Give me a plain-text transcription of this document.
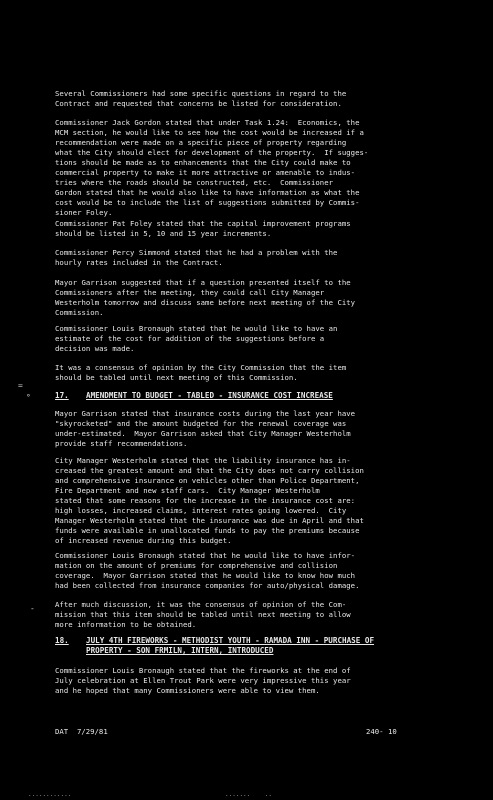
Several Commissioners had some specific questions in regard to the
Contract and requested that concerns be listed for consideration.
Commissioner Jack Gordon stated that under Task 1.24:  Economics, the
MCM section, he would like to see how the cost would be increased if a
recommendation were made on a specific piece of property regarding
what the City should elect for development of the property.  If sugges-
tions should be made as to enhancements that the City could make to
commercial property to make it more attractive or amenable to indus-
tries where the roads should be constructed, etc.  Commissioner
Gordon stated that he would also like to have information as what the
cost would be to include the list of suggestions submitted by Commis-
sioner Foley.
Commissioner Pat Foley stated that the capital improvement programs
should be listed in 5, 10 and 15 year increments.
Commissioner Percy Simmond stated that he had a problem with the
hourly rates included in the Contract.
Mayor Garrison suggested that if a question presented itself to the
Commissioners after the meeting, they could call City Manager
Westerholm tomorrow and discuss same before next meeting of the City
Commission.
Commissioner Louis Bronaugh stated that he would like to have an
estimate of the cost for addition of the suggestions before a
decision was made.
It was a consensus of opinion by the City Commission that the item
should be tabled until next meeting of this Commission.
=
°	17. AMENDMENT TO BUDGET - TABLED - INSURANCE COST INCREASE
Mayor Garrison stated that insurance costs during the last year have
"skyrocketed" and the amount budgeted for the renewal coverage was
under-estimated.  Mayor Garrison asked that City Manager Westerholm
provide staff recommendations.
City Manager Westerholm stated that the liability insurance has in-
creased the greatest amount and that the City does not carry collision
and comprehensive insurance on vehicles other than Police Department,
Fire Department and new staff cars.  City Manager Westerholm
stated that some reasons for the increase in the insurance cost are:
high losses, increased claims, interest rates going lowered.  City
Manager Westerholm stated that the insurance was due in April and that
funds were available in unallocated funds to pay the premiums because
of increased revenue during this budget.
Commissioner Louis Bronaugh stated that he would like to have infor-
mation on the amount of premiums for comprehensive and collision
coverage.  Mayor Garrison stated that he would like to know how much
had been collected from insurance companies for auto/physical damage.
After much discussion, it was the consensus of opinion of the Com-
mission that this item should be tabled until next meeting to allow
more information to be obtained.
-
18. JULY 4TH FIREWORKS - METHODIST YOUTH - RAMADA INN - PURCHASE OF
PROPERTY - SON FRMILN, INTERN, INTRODUCED
Commissioner Louis Bronaugh stated that the fireworks at the end of
July celebration at Ellen Trout Park were very impressive this year
and he hoped that many Commissioners were able to view them.
DAT  7/29/81	240- 10
............	.......    ..
